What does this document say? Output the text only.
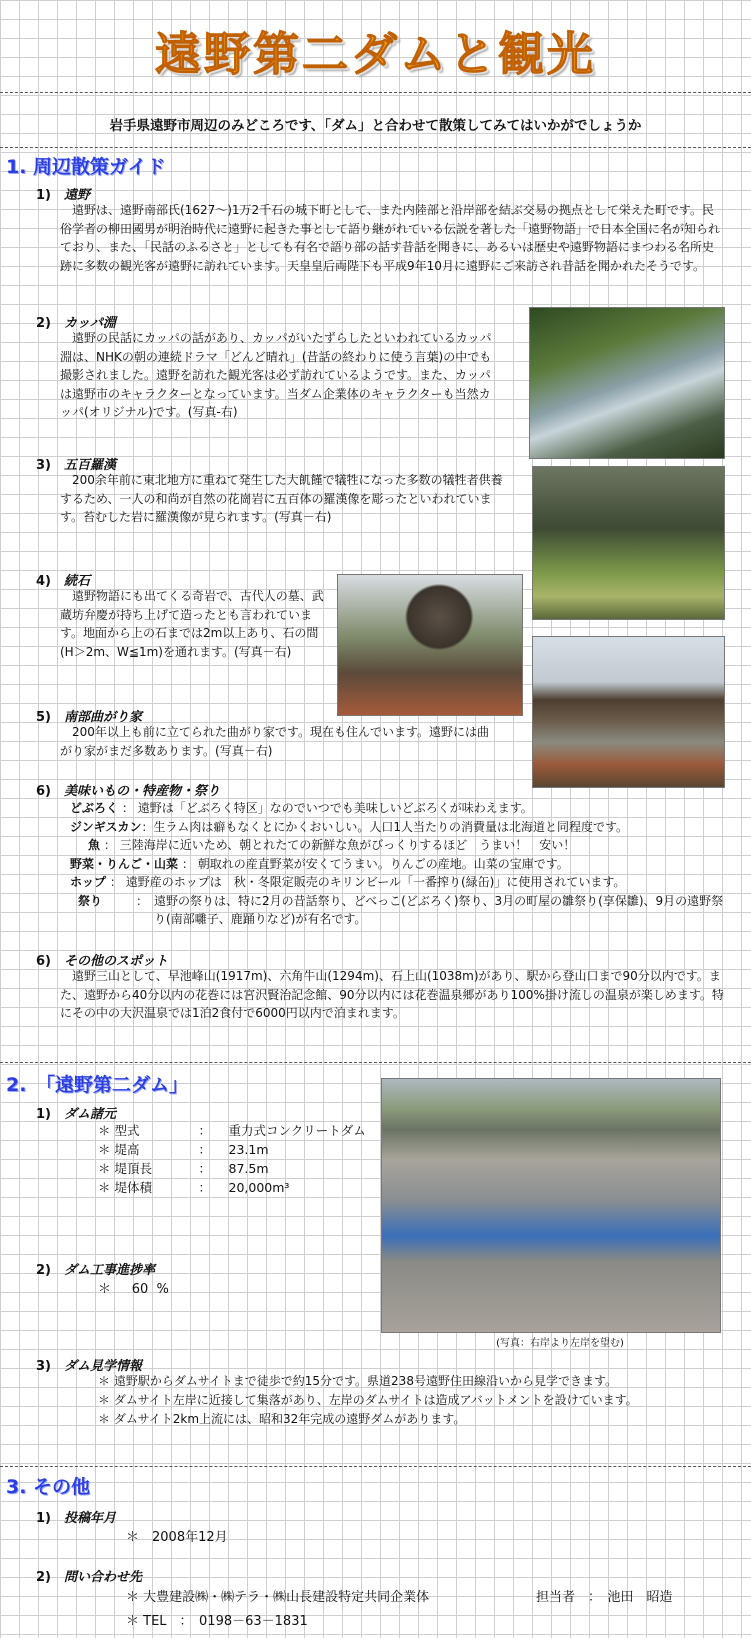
遠野第二ダムと観光
岩手県遠野市周辺のみどころです、「ダム」と合わせて散策してみてはいかがでしょうか
1. 周辺散策ガイド
1) 遠野
　遠野は、遠野南部氏(1627～)1万2千石の城下町として、また内陸部と沿岸部を結ぶ交易の拠点として栄えた町です。民俗学者の柳田國男が明治時代に遠野に起きた事として語り継がれている伝説を著した「遠野物語」で日本全国に名が知られており、また、「民話のふるさと」としても有名で語り部の話す昔話を聞きに、あるいは歴史や遠野物語にまつわる名所史跡に多数の観光客が遠野に訪れています。天皇皇后両陛下も平成9年10月に遠野にご来訪され昔話を聞かれたそうです。
2) カッパ淵
　遠野の民話にカッパの話があり、カッパがいたずらしたといわれているカッパ淵は、NHKの朝の連続ドラマ「どんど晴れ」(昔話の終わりに使う言葉)の中でも撮影されました。遠野を訪れた観光客は必ず訪れているようです。また、カッパは遠野市のキャラクターとなっています。当ダム企業体のキャラクターも当然カッパ(オリジナル)です。(写真-右)
3) 五百羅漢
　200余年前に東北地方に重ねて発生した大飢饉で犠牲になった多数の犠牲者供養するため、一人の和尚が自然の花崗岩に五百体の羅漢像を彫ったといわれています。苔むした岩に羅漢像が見られます。(写真－右)
4) 続石
　遠野物語にも出てくる奇岩で、古代人の墓、武蔵坊弁慶が持ち上げて造ったとも言われています。地面から上の石までは2m以上あり、石の間(H＞2m、W≦1m)を通れます。(写真－右)
5) 南部曲がり家
　200年以上も前に立てられた曲がり家です。現在も住んでいます。遠野には曲がり家がまだ多数あります。(写真－右)
6) 美味いもの・特産物・祭り
どぶろく ： 遠野は「どぶろく特区」なのでいつでも美味しいどぶろくが味わえます。
ジンギスカン：生ラム肉は癖もなくとにかくおいしい。人口1人当たりの消費量は北海道と同程度です。
魚 ： 三陸海岸に近いため、朝とれたての新鮮な魚がびっくりするほど　うまい！　安い！
野菜・りんご・山菜 ： 朝取れの産直野菜が安くてうまい。りんごの産地。山菜の宝庫です。
ホップ ： 遠野産のホップは　秋・冬限定販売のキリンビール「一番搾り(緑缶)」に使用されています。
祭り	： 遠野の祭りは、特に2月の昔話祭り、どべっこ(どぶろく)祭り、3月の町屋の雛祭り(享保雛)、9月の遠野祭り(南部囃子、鹿踊りなど)が有名です。
6) その他のスポット
　遠野三山として、早池峰山(1917m)、六角牛山(1294m)、石上山(1038m)があり、駅から登山口まで90分以内です。また、遠野から40分以内の花巻には宮沢賢治記念館、90分以内には花巻温泉郷があり100%掛け流しの温泉が楽しめます。特にその中の大沢温泉では1泊2食付で6000円以内で泊まれます。
2.　「遠野第二ダム」
1) ダム諸元
＊	型式	：	重力式コンクリートダム
＊	堤高	：	23.1m
＊	堤頂長	：	87.5m
＊	堤体積	：	20,000m³
2) ダム工事進捗率
＊ 60 %
(写真：右岸より左岸を望む)
3) ダム見学情報
＊ 遠野駅からダムサイトまで徒歩で約15分です。県道238号遠野住田線沿いから見学できます。
＊ ダムサイト左岸に近接して集落があり、左岸のダムサイトは造成アバットメントを設けています。
＊ ダムサイト2km上流には、昭和32年完成の遠野ダムがあります。
3. その他
1) 投稿年月
＊　2008年12月
2) 問い合わせ先
＊ 大豊建設㈱・㈱テラ・㈱山長建設特定共同企業体	担当者　：　池田　昭造
＊ TEL　：　0198－63－1831
